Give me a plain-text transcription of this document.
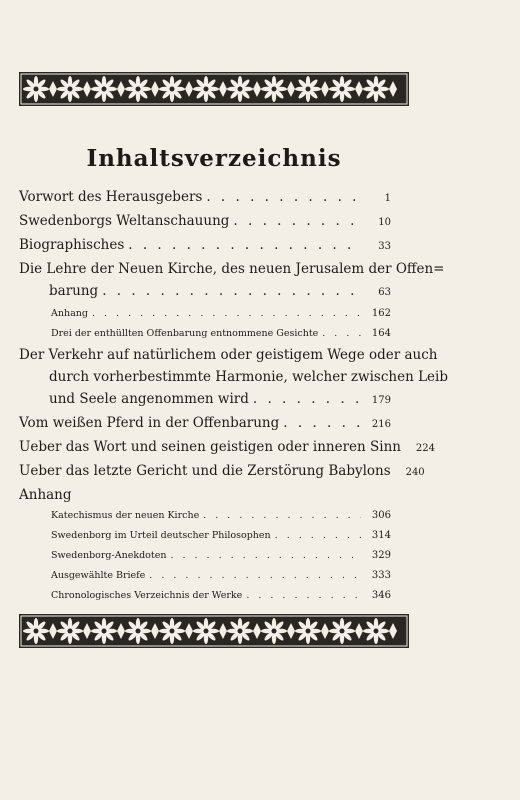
Inhaltsverzeichnis
Vorwort des Herausgebers . . .	1
Swedenborgs Weltanschauung . . .	10
Biographisches . . .	33
Die Lehre der Neuen Kirche, des neuen Jerusalem der Offen=
barung . . .	63
Anhang . . .	162
Drei der enthüllten Offenbarung entnommene Gesichte . . .	164
Der Verkehr auf natürlichem oder geistigem Wege oder auch
durch vorherbestimmte Harmonie, welcher zwischen Leib
und Seele angenommen wird . . .	179
Vom weißen Pferd in der Offenbarung . . .	216
Ueber das Wort und seinen geistigen oder inneren Sinn	224
Ueber das letzte Gericht und die Zerstörung Babylons	240
Anhang
Katechismus der neuen Kirche . . .	306
Swedenborg im Urteil deutscher Philosophen . . .	314
Swedenborg-Anekdoten . . .	329
Ausgewählte Briefe . . .	333
Chronologisches Verzeichnis der Werke . . .	346
